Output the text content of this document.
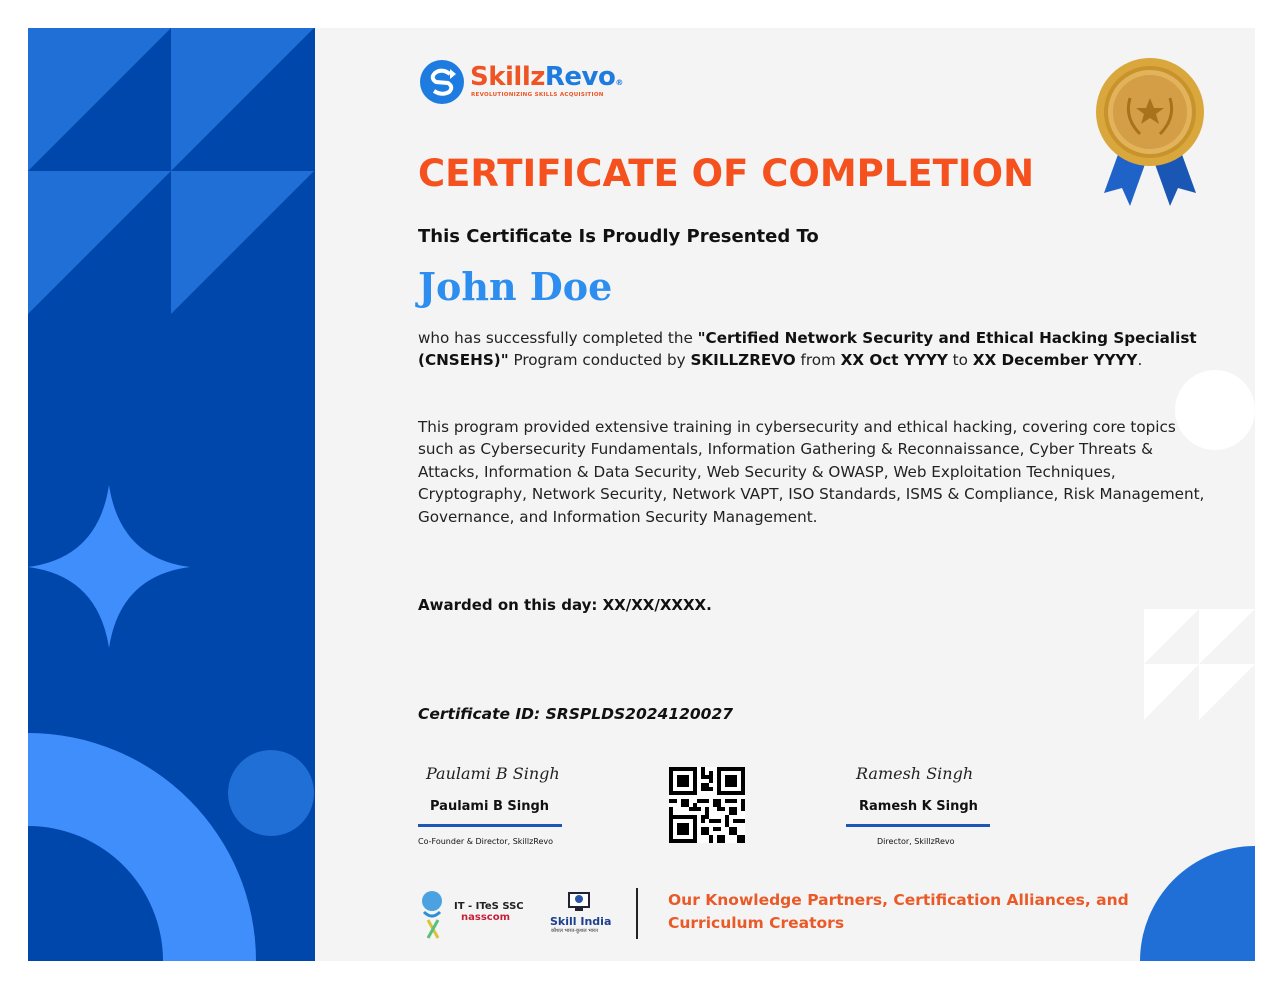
SkillzRevo®
REVOLUTIONIZING SKILLS ACQUISITION
CERTIFICATE OF COMPLETION
This Certificate Is Proudly Presented To
John Doe
who has successfully completed the "Certified Network Security and Ethical Hacking Specialist (CNSEHS)" Program conducted by SKILLZREVO from XX Oct YYYY to XX December YYYY.
This program provided extensive training in cybersecurity and ethical hacking, covering core topics such as Cybersecurity Fundamentals, Information Gathering & Reconnaissance, Cyber Threats & Attacks, Information & Data Security, Web Security & OWASP, Web Exploitation Techniques, Cryptography, Network Security, Network VAPT, ISO Standards, ISMS & Compliance, Risk Management, Governance, and Information Security Management.
Awarded on this day: XX/XX/XXXX.
Certificate ID: SRSPLDS2024120027
Paulami B Singh
Paulami B Singh
Co-Founder & Director, SkillzRevo
Ramesh Singh
Ramesh K Singh
Director, SkillzRevo
IT - ITeS SSC
nasscom	Skill India
कौशल भारत-कुशल भारत
Our Knowledge Partners, Certification Alliances, and
Curriculum Creators
